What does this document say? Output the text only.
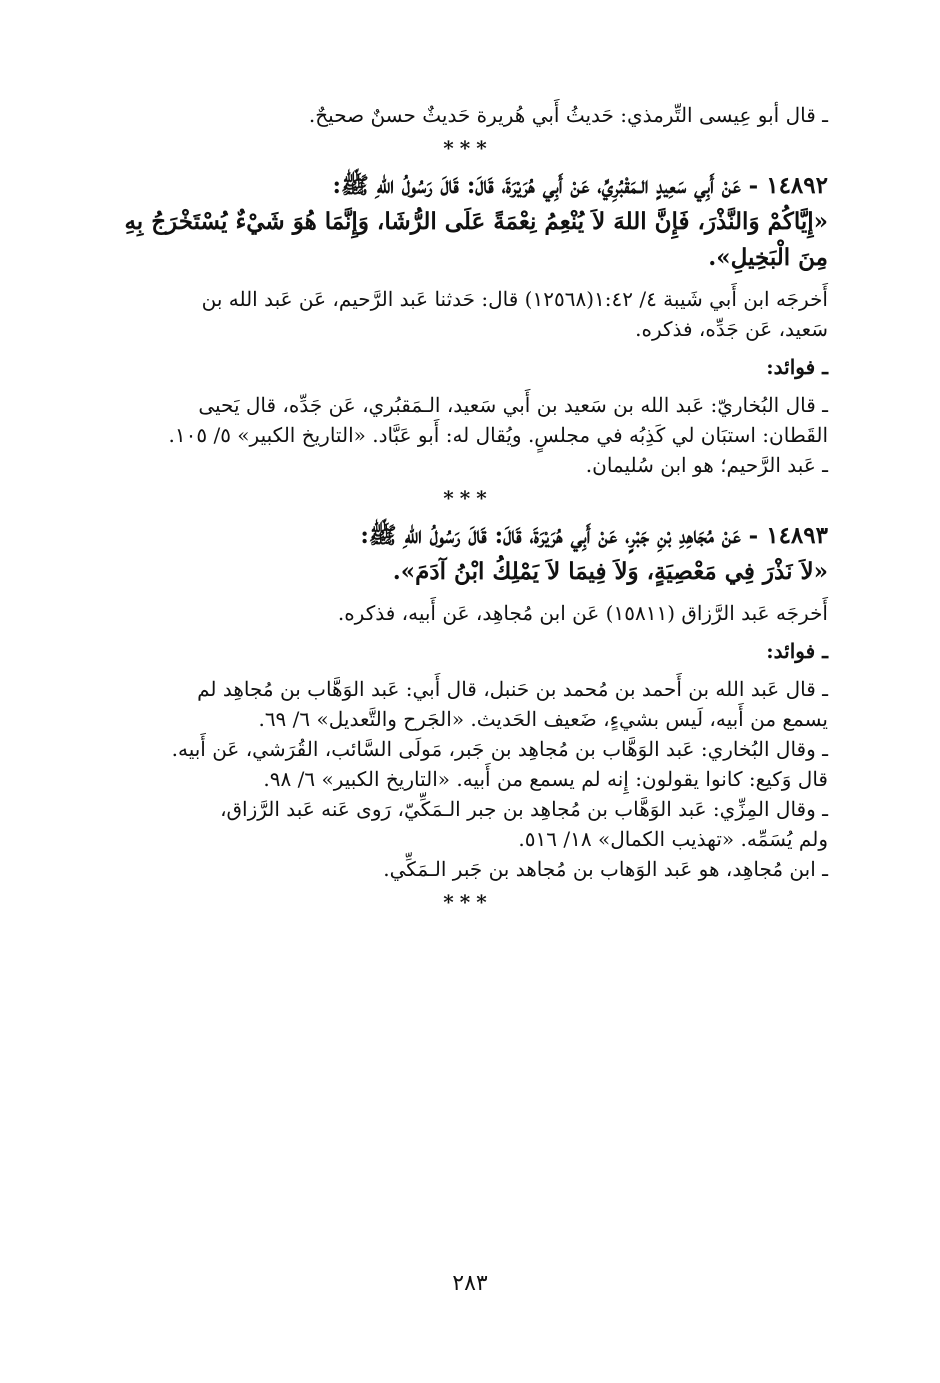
ـ قال أبو عِيسى التِّرمذي: حَديثُ أَبي هُريرة حَديثٌ حسنٌ صحيحٌ.
***
١٤٨٩٢ - عَنْ أَبِي سَعِيدٍ الـمَقْبُرِيِّ، عَنْ أَبِي هُرَيْرَةَ، قَالَ: قَالَ رَسُولُ اللهِ ﷺ:
«إِيَّاكُمْ وَالنَّذْرَ، فَإِنَّ اللهَ لاَ يُنْعِمُ نِعْمَةً عَلَى الرُّشَا، وَإِنَّمَا هُوَ شَيْءٌ يُسْتَخْرَجُ بِهِ
مِنَ الْبَخِيلِ».
أَخرجَه ابن أَبي شَيبة ٤/ ١:٤٢(١٢٥٦٨) قال: حَدثنا عَبد الرَّحيم، عَن عَبد الله بن
سَعيد، عَن جَدِّه، فذكره.
ـ فوائد:
ـ قال البُخاريّ: عَبد الله بن سَعيد بن أَبي سَعيد، الـمَقبُري، عَن جَدِّه، قال يَحيى
القَطان: استبَان لي كَذِبُه في مجلسٍ. ويُقال له: أَبو عَبَّاد. «التاريخ الكبير» ٥/ ١٠٥.
ـ عَبد الرَّحيم؛ هو ابن سُليمان.
***
١٤٨٩٣ - عَنْ مُجَاهِدِ بْنِ جَبْرٍ، عَنْ أَبِي هُرَيْرَةَ، قَالَ: قَالَ رَسُولُ اللهِ ﷺ:
«لاَ نَذْرَ فِي مَعْصِيَةٍ، وَلاَ فِيمَا لاَ يَمْلِكُ ابْنُ آدَمَ».
أَخرجَه عَبد الرَّزاق (١٥٨١١) عَن ابن مُجاهِد، عَن أَبيه، فذكره.
ـ فوائد:
ـ قال عَبد الله بن أَحمد بن مُحمد بن حَنبل، قال أَبي: عَبد الوَهَّاب بن مُجاهِد لم
يسمع من أَبيه، لَيس بشيءٍ، ضَعيف الحَديث. «الجَرح والتَّعديل» ٦/ ٦٩.
ـ وقال البُخاري: عَبد الوَهَّاب بن مُجاهِد بن جَبر، مَولَى السَّائب، القُرَشي، عَن أَبيه.
قال وَكيع: كانوا يقولون: إِنه لم يسمع من أَبيه. «التاريخ الكبير» ٦/ ٩٨.
ـ وقال المِزِّي: عَبد الوَهَّاب بن مُجاهِد بن جبر الـمَكِّيّ، رَوى عَنه عَبد الرَّزاق،
ولم يُسَمِّه. «تهذيب الكمال» ١٨/ ٥١٦.
ـ ابن مُجاهِد، هو عَبد الوَهاب بن مُجاهد بن جَبر الـمَكِّي.
***
٢٨٣
